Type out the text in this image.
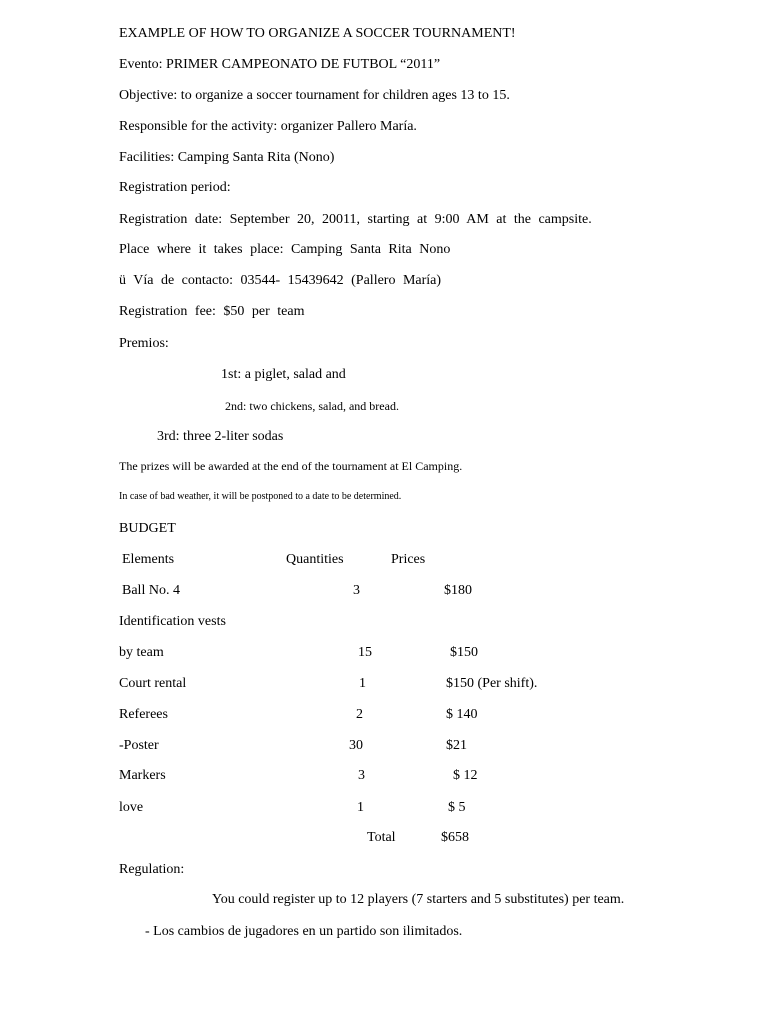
EXAMPLE OF HOW TO ORGANIZE A SOCCER TOURNAMENT!
Evento: PRIMER CAMPEONATO DE FUTBOL “2011”
Objective: to organize a soccer tournament for children ages 13 to 15.
Responsible for the activity: organizer Pallero María.
Facilities: Camping Santa Rita (Nono)
Registration period:
Registration date: September 20, 20011, starting at 9:00 AM at the campsite.
Place where it takes place: Camping Santa Rita Nono
ü Vía de contacto: 03544- 15439642 (Pallero María)
Registration fee: $50 per team
Premios:
1st: a piglet, salad and
2nd: two chickens, salad, and bread.
3rd: three 2-liter sodas
The prizes will be awarded at the end of the tournament at El Camping.
In case of bad weather, it will be postponed to a date to be determined.
BUDGET
Elements	Quantities	Prices
Ball No. 4	3	$180
Identification vests
by team	15	$150
Court rental	1	$150 (Per shift).
Referees	2	$ 140
-Poster	30	$21
Markers	3	$ 12
love	1	$ 5
Total	$658
Regulation:
You could register up to 12 players (7 starters and 5 substitutes) per team.
- Los cambios de jugadores en un partido son ilimitados.
